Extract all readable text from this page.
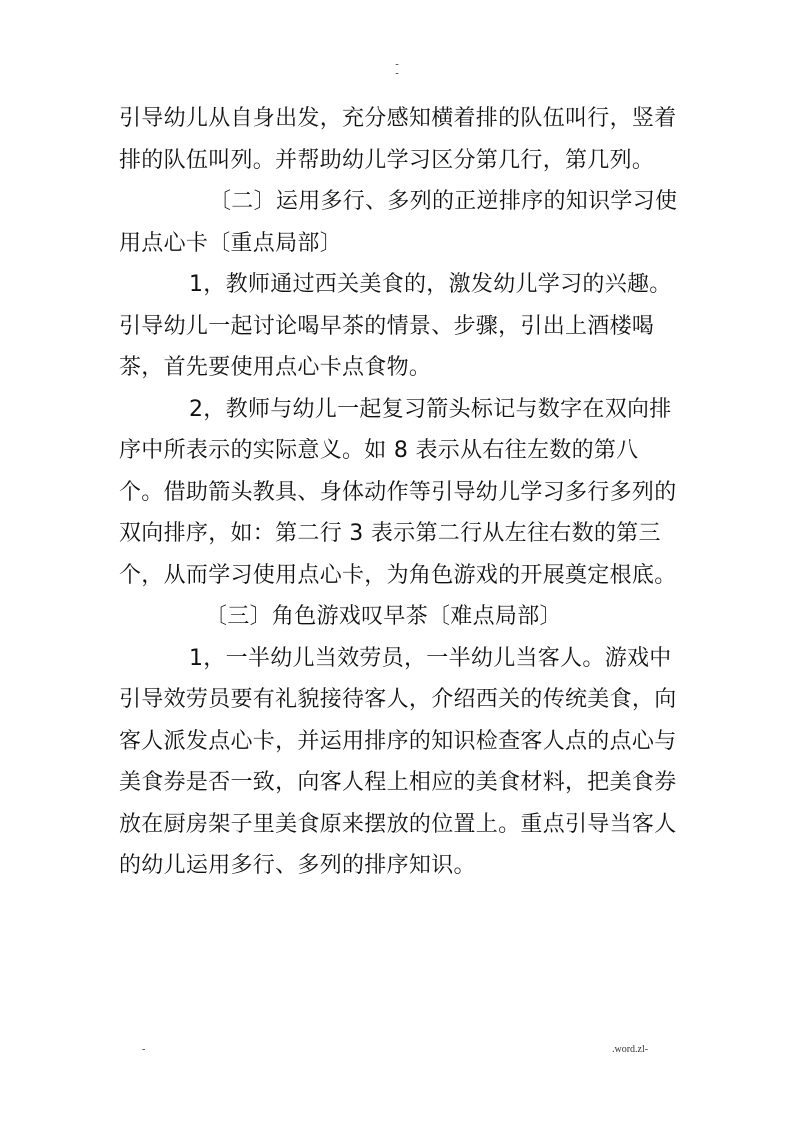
-
-

引导幼儿从自身出发，充分感知横着排的队伍叫行，竖着排的队伍叫列。并帮助幼儿学习区分第几行，第几列。

〔二〕运用多行、多列的正逆排序的知识学习使用点心卡〔重点局部〕

1，教师通过西关美食的，激发幼儿学习的兴趣。引导幼儿一起讨论喝早茶的情景、步骤，引出上酒楼喝茶，首先要使用点心卡点食物。

2，教师与幼儿一起复习箭头标记与数字在双向排序中所表示的实际意义。如 8 表示从右往左数的第八个。借助箭头教具、身体动作等引导幼儿学习多行多列的双向排序，如：第二行 3 表示第二行从左往右数的第三个，从而学习使用点心卡，为角色游戏的开展奠定根底。

〔三〕角色游戏叹早茶〔难点局部〕

1，一半幼儿当效劳员，一半幼儿当客人。游戏中引导效劳员要有礼貌接待客人，介绍西关的传统美食，向客人派发点心卡，并运用排序的知识检查客人点的点心与美食券是否一致，向客人程上相应的美食材料，把美食券放在厨房架子里美食原来摆放的位置上。重点引导当客人的幼儿运用多行、多列的排序知识。

-	.word.zl-
